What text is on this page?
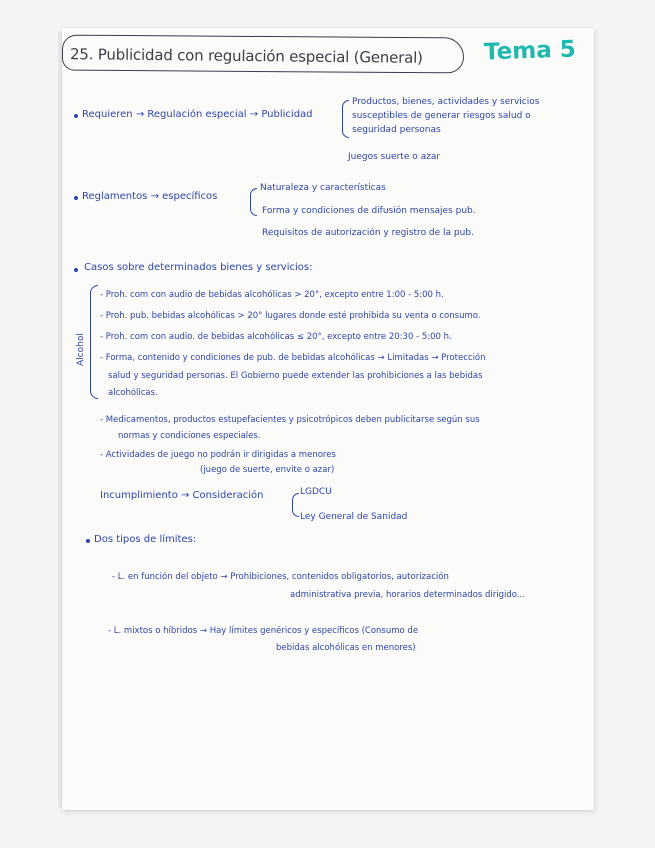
25. Publicidad con regulación especial (General)	Tema 5
Requieren → Regulación especial → Publicidad
Productos, bienes, actividades y servicios
susceptibles de generar riesgos salud o
seguridad personas
Juegos suerte o azar
Reglamentos → específicos
Naturaleza y características
Forma y condiciones de difusión mensajes pub.
Requisitos de autorización y registro de la pub.
Casos sobre determinados bienes y servicios:
Alcohol
- Proh. com con audio de bebidas alcohólicas > 20°, excepto entre 1:00 - 5:00 h.
- Proh. pub. bebidas alcohólicas > 20° lugares donde esté prohibida su venta o consumo.
- Proh. com con audio. de bebidas alcohólicas ≤ 20°, excepto entre 20:30 - 5:00 h.
- Forma, contenido y condiciones de pub. de bebidas alcohólicas → Limitadas → Protección
salud y seguridad personas. El Gobierno puede extender las prohibiciones a las bebidas
alcohólicas.
- Medicamentos, productos estupefacientes y psicotrópicos deben publicitarse según sus
normas y condiciones especiales.
- Actividades de juego no podrán ir dirigidas a menores
(juego de suerte, envite o azar)
Incumplimiento → Consideración	LGDCU
Ley General de Sanidad
Dos tipos de límites:
- L. en función del objeto → Prohibiciones, contenidos obligatorios, autorización
administrativa previa, horarios determinados dirigido...
- L. mixtos o híbridos → Hay límites genéricos y específicos (Consumo de
bebidas alcohólicas en menores)
